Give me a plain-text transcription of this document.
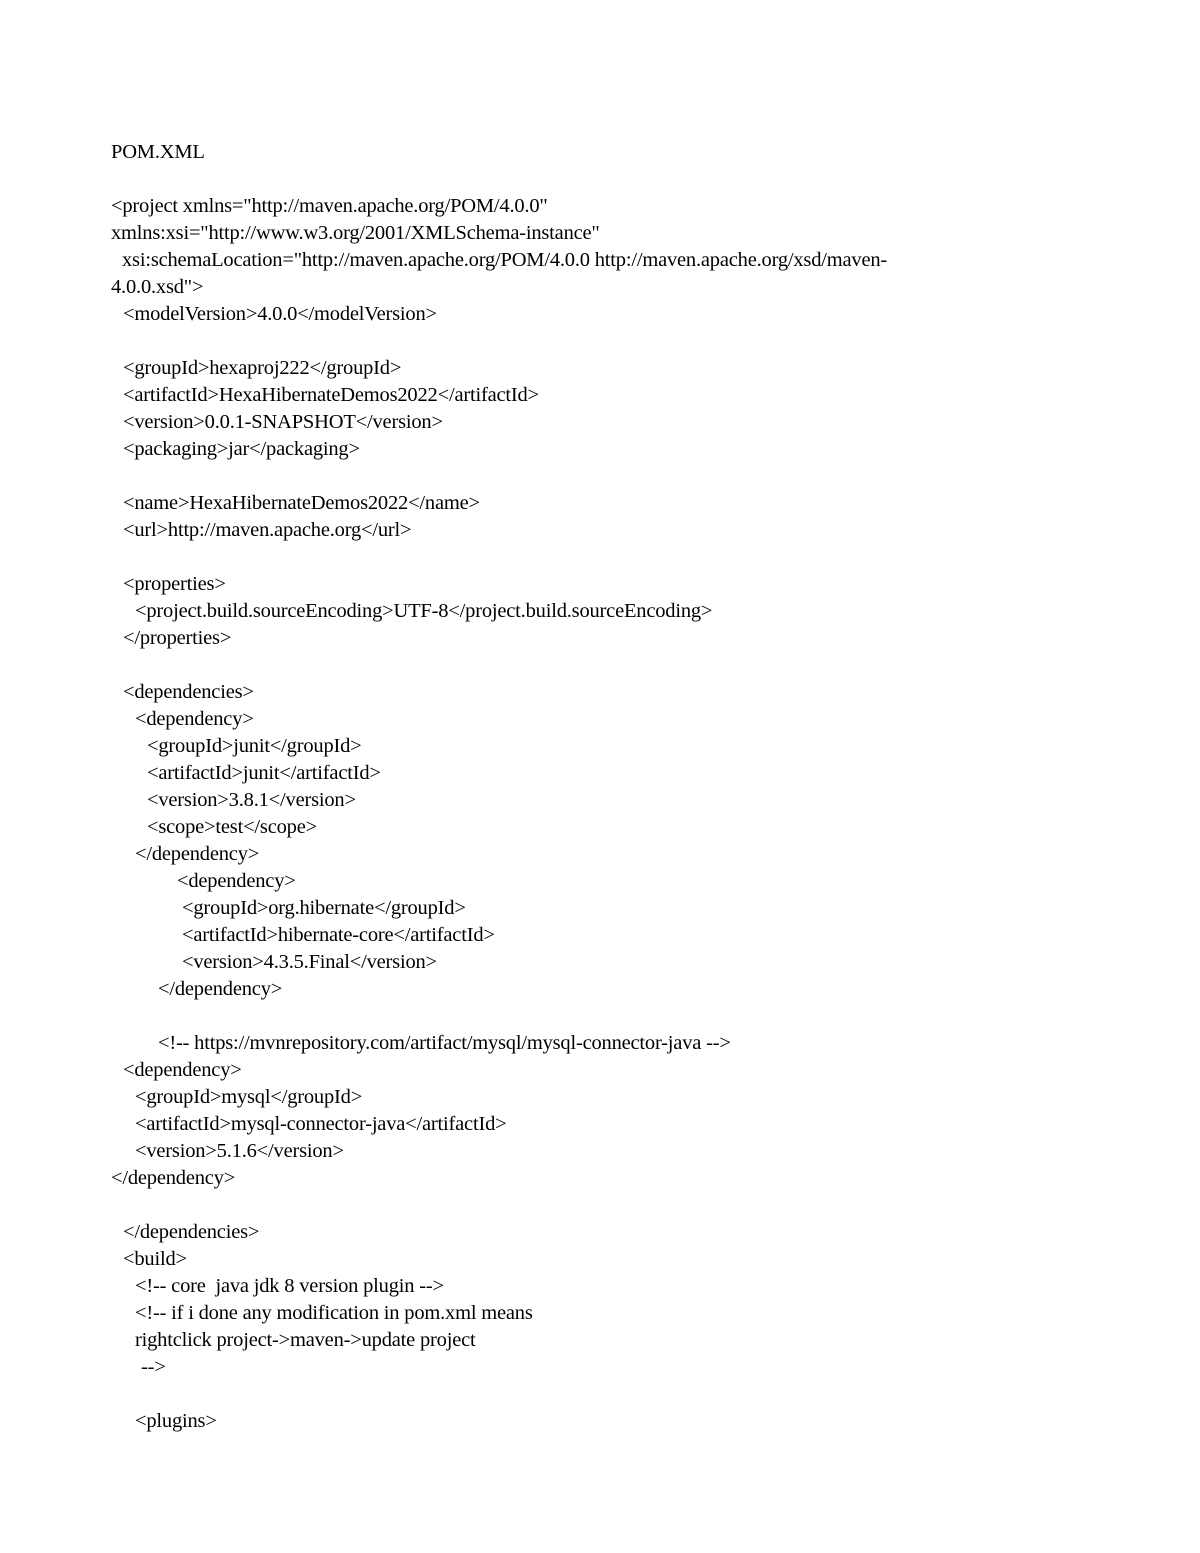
POM.XML
<project xmlns="http://maven.apache.org/POM/4.0.0"
xmlns:xsi="http://www.w3.org/2001/XMLSchema-instance"
xsi:schemaLocation="http://maven.apache.org/POM/4.0.0 http://maven.apache.org/xsd/maven-
4.0.0.xsd">
<modelVersion>4.0.0</modelVersion>
<groupId>hexaproj222</groupId>
<artifactId>HexaHibernateDemos2022</artifactId>
<version>0.0.1-SNAPSHOT</version>
<packaging>jar</packaging>
<name>HexaHibernateDemos2022</name>
<url>http://maven.apache.org</url>
<properties>
<project.build.sourceEncoding>UTF-8</project.build.sourceEncoding>
</properties>
<dependencies>
<dependency>
<groupId>junit</groupId>
<artifactId>junit</artifactId>
<version>3.8.1</version>
<scope>test</scope>
</dependency>
<dependency>
<groupId>org.hibernate</groupId>
<artifactId>hibernate-core</artifactId>
<version>4.3.5.Final</version>
</dependency>
<!-- https://mvnrepository.com/artifact/mysql/mysql-connector-java -->
<dependency>
<groupId>mysql</groupId>
<artifactId>mysql-connector-java</artifactId>
<version>5.1.6</version>
</dependency>
</dependencies>
<build>
<!-- core  java jdk 8 version plugin -->
<!-- if i done any modification in pom.xml means
rightclick project->maven->update project
-->
<plugins>
